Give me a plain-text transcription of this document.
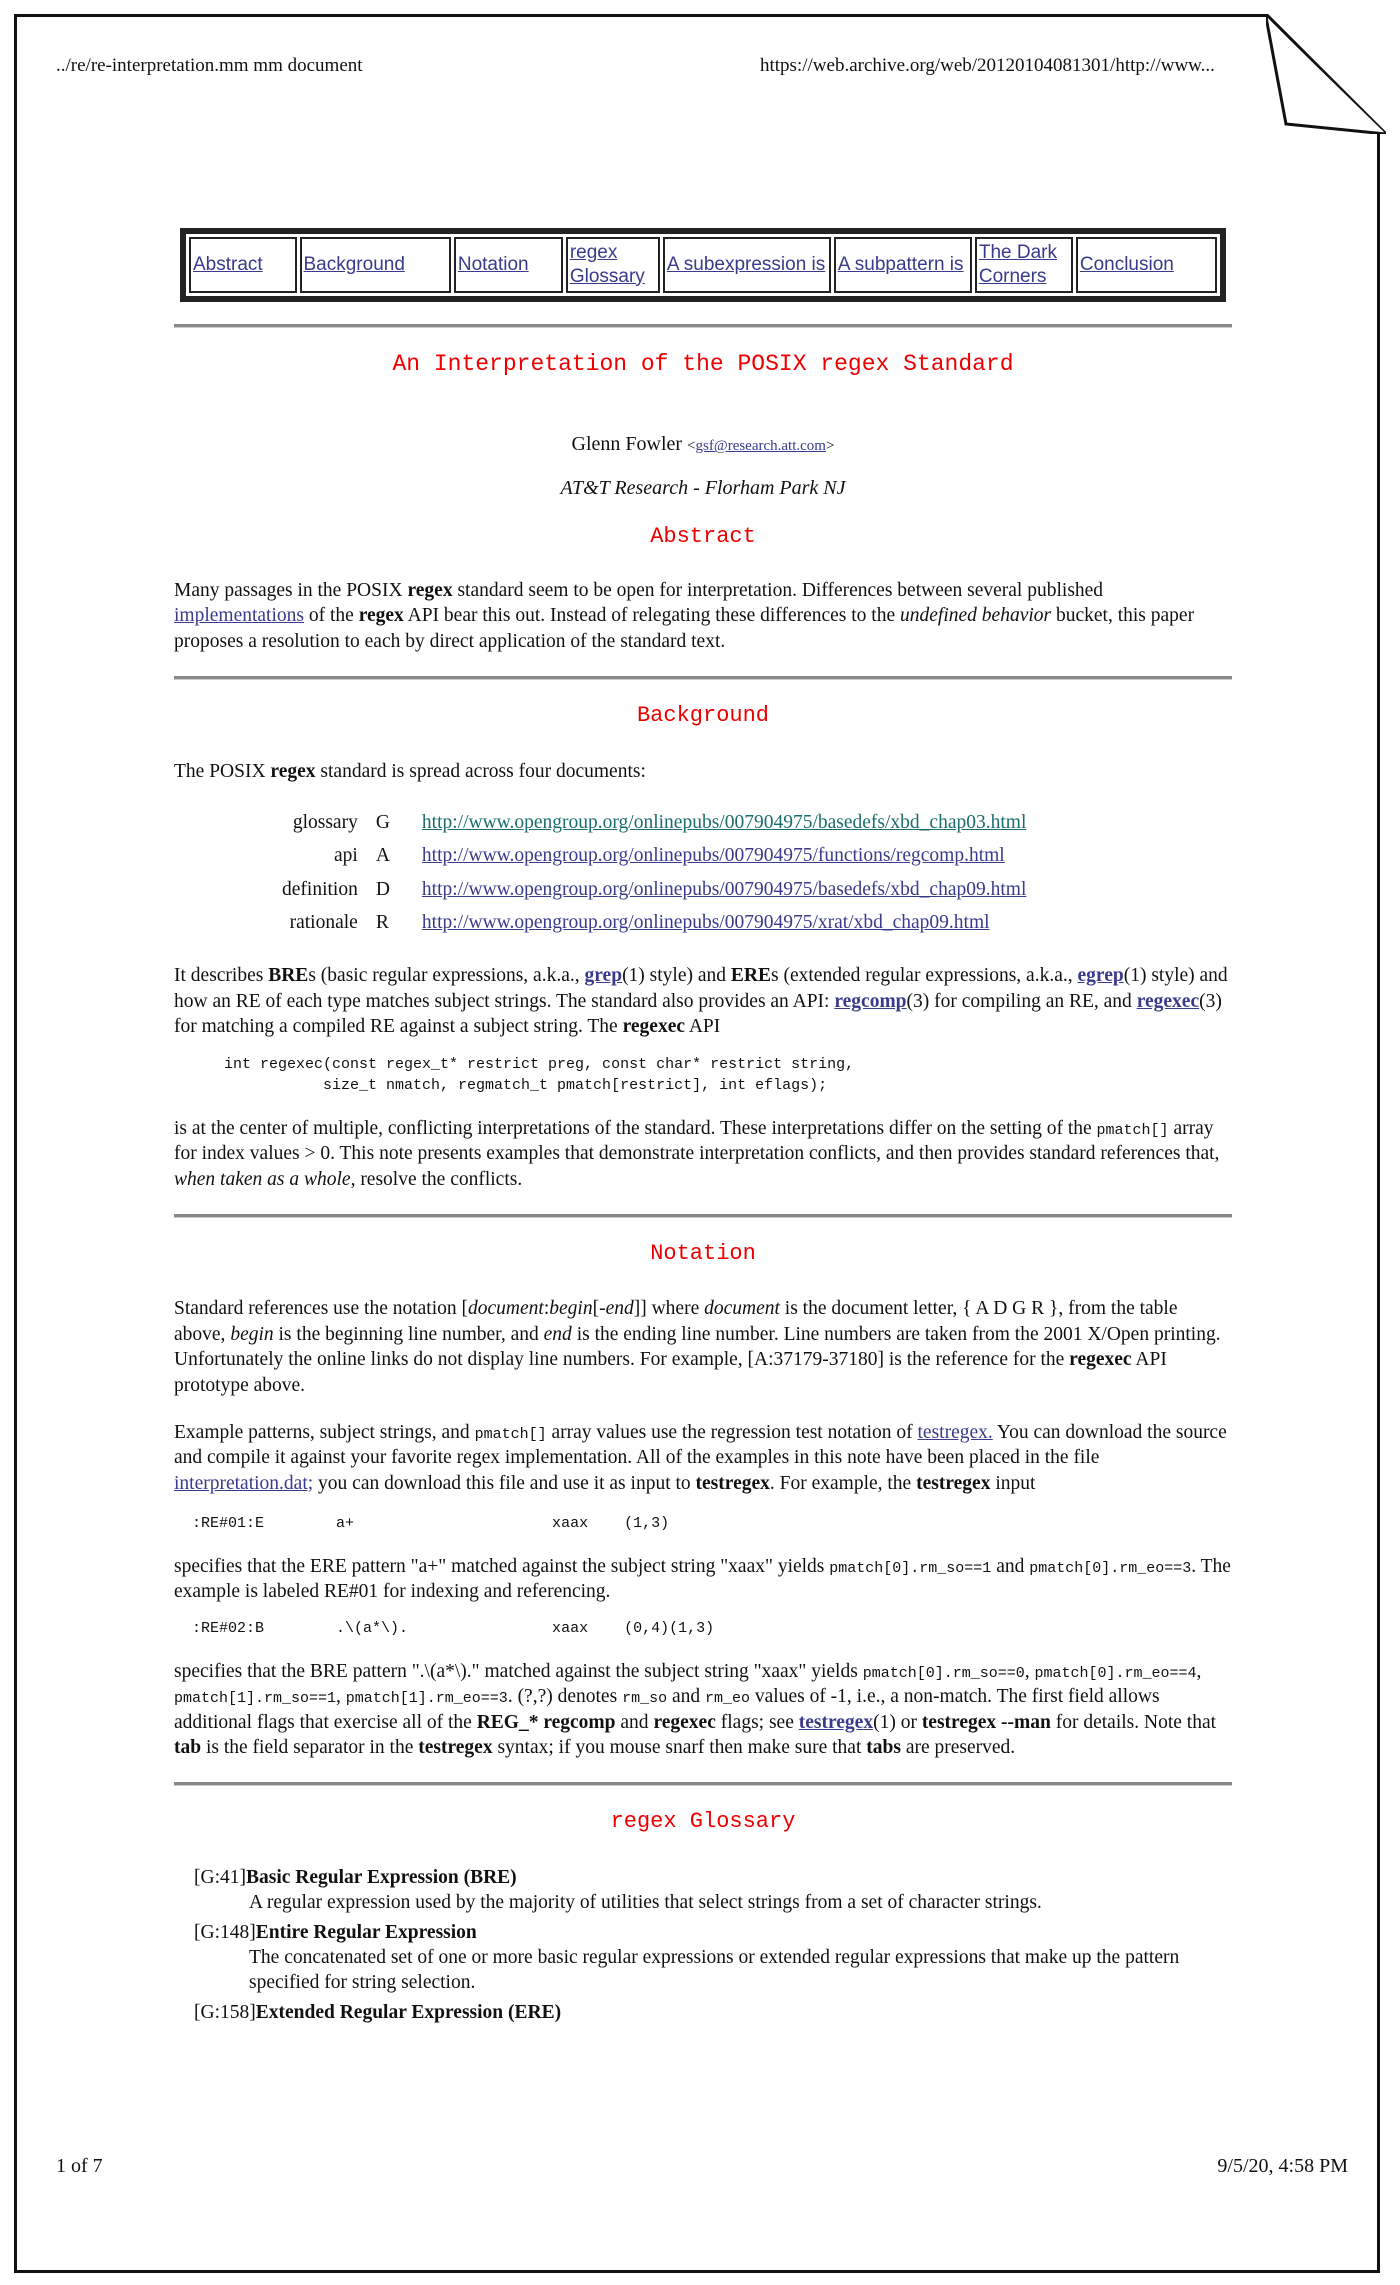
../re/re-interpretation.mm mm document	https://web.archive.org/web/20120104081301/http://www...
Abstract	Background	Notation	regex Glossary	A subexpression is	A subpattern is	The Dark Corners	Conclusion
An Interpretation of the POSIX regex Standard
Glenn Fowler <gsf@research.att.com>
AT&T Research - Florham Park NJ
Abstract

Many passages in the POSIX regex standard seem to be open for interpretation. Differences between several published implementations of the regex API bear this out. Instead of relegating these differences to the undefined behavior bucket, this paper proposes a resolution to each by direct application of the standard text.

Background

The POSIX regex standard is spread across four documents:

glossary	G	http://www.opengroup.org/onlinepubs/007904975/basedefs/xbd_chap03.html
api	A	http://www.opengroup.org/onlinepubs/007904975/functions/regcomp.html
definition	D	http://www.opengroup.org/onlinepubs/007904975/basedefs/xbd_chap09.html
rationale	R	http://www.opengroup.org/onlinepubs/007904975/xrat/xbd_chap09.html

It describes BREs (basic regular expressions, a.k.a., grep(1) style) and EREs (extended regular expressions, a.k.a., egrep(1) style) and how an RE of each type matches subject strings. The standard also provides an API: regcomp(3) for compiling an RE, and regexec(3) for matching a compiled RE against a subject string. The regexec API

int regexec(const regex_t* restrict preg, const char* restrict string,
size_t nmatch, regmatch_t pmatch[restrict], int eflags);

is at the center of multiple, conflicting interpretations of the standard. These interpretations differ on the setting of the pmatch[] array for index values > 0. This note presents examples that demonstrate interpretation conflicts, and then provides standard references that, when taken as a whole, resolve the conflicts.

Notation

Standard references use the notation [document:begin[-end]] where document is the document letter, { A D G R }, from the table above, begin is the beginning line number, and end is the ending line number. Line numbers are taken from the 2001 X/Open printing. Unfortunately the online links do not display line numbers. For example, [A:37179-37180] is the reference for the regexec API prototype above.

Example patterns, subject strings, and pmatch[] array values use the regression test notation of testregex. You can download the source and compile it against your favorite regex implementation. All of the examples in this note have been placed in the file interpretation.dat; you can download this file and use it as input to testregex. For example, the testregex input

:RE#01:E        a+                      xaax    (1,3)

specifies that the ERE pattern "a+" matched against the subject string "xaax" yields pmatch[0].rm_so==1 and pmatch[0].rm_eo==3. The example is labeled RE#01 for indexing and referencing.

:RE#02:B        .\(a*\).                xaax    (0,4)(1,3)

specifies that the BRE pattern ".\(a*\)." matched against the subject string "xaax" yields pmatch[0].rm_so==0, pmatch[0].rm_eo==4, pmatch[1].rm_so==1, pmatch[1].rm_eo==3. (?,?) denotes rm_so and rm_eo values of -1, i.e., a non-match. The first field allows additional flags that exercise all of the REG_* regcomp and regexec flags; see testregex(1) or testregex --man for details. Note that tab is the field separator in the testregex syntax; if you mouse snarf then make sure that tabs are preserved.

regex Glossary
[G:41]Basic Regular Expression (BRE)
A regular expression used by the majority of utilities that select strings from a set of character strings.
[G:148]Entire Regular Expression
The concatenated set of one or more basic regular expressions or extended regular expressions that make up the pattern specified for string selection.
[G:158]Extended Regular Expression (ERE)
1 of 7	9/5/20, 4:58 PM
